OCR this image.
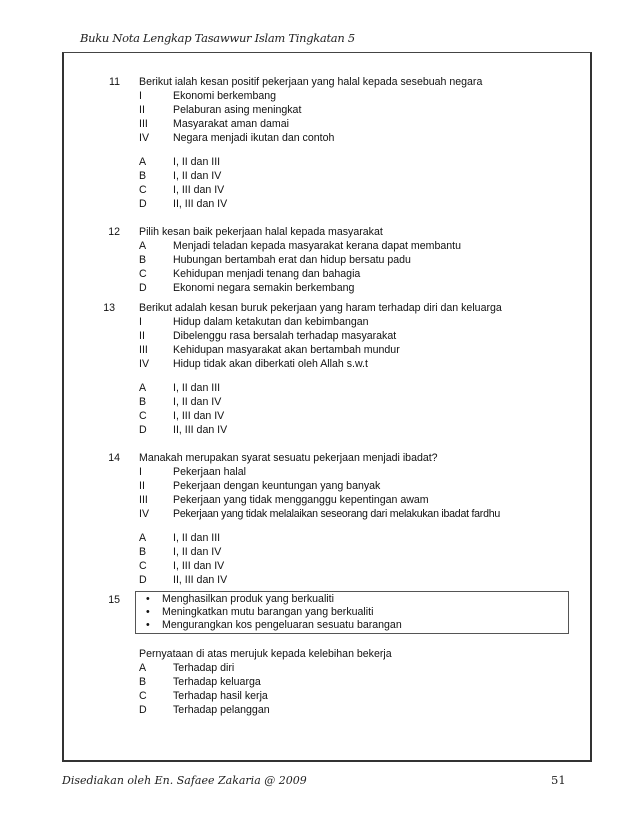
Buku Nota Lengkap Tasawwur Islam Tingkatan 5
11 Berikut ialah kesan positif pekerjaan yang halal kepada sesebuah negara
I	Ekonomi berkembang
II	Pelaburan asing meningkat
III Masyarakat aman damai
IV Negara menjadi ikutan dan contoh
A	I, II dan III
B	I, II dan IV
C I, III dan IV
D II, III dan IV
12 Pilih kesan baik pekerjaan halal kepada masyarakat
A	Menjadi teladan kepada masyarakat kerana dapat membantu
B	Hubungan bertambah erat dan hidup bersatu padu
C Kehidupan menjadi tenang dan bahagia
D Ekonomi negara semakin berkembang
13 Berikut adalah kesan buruk pekerjaan yang haram terhadap diri dan keluarga
I	Hidup dalam ketakutan dan kebimbangan
II	Dibelenggu rasa bersalah terhadap masyarakat
III Kehidupan masyarakat akan bertambah mundur
IV Hidup tidak akan diberkati oleh Allah s.w.t
A	I, II dan III
B	I, II dan IV
C I, III dan IV
D II, III dan IV
14 Manakah merupakan syarat sesuatu pekerjaan menjadi ibadat?
I	Pekerjaan halal
II	Pekerjaan dengan keuntungan yang banyak
III Pekerjaan yang tidak mengganggu kepentingan awam
IV Pekerjaan yang tidak melalaikan seseorang dari melakukan ibadat fardhu
A	I, II dan III
B	I, II dan IV
C I, III dan IV
D II, III dan IV
15 • Menghasilkan produk yang berkualiti
• Meningkatkan mutu barangan yang berkualiti
• Mengurangkan kos pengeluaran sesuatu barangan
Pernyataan di atas merujuk kepada kelebihan bekerja
A	Terhadap diri
B	Terhadap keluarga
C Terhadap hasil kerja
D Terhadap pelanggan
Disediakan oleh En. Safaee Zakaria @ 2009	51
